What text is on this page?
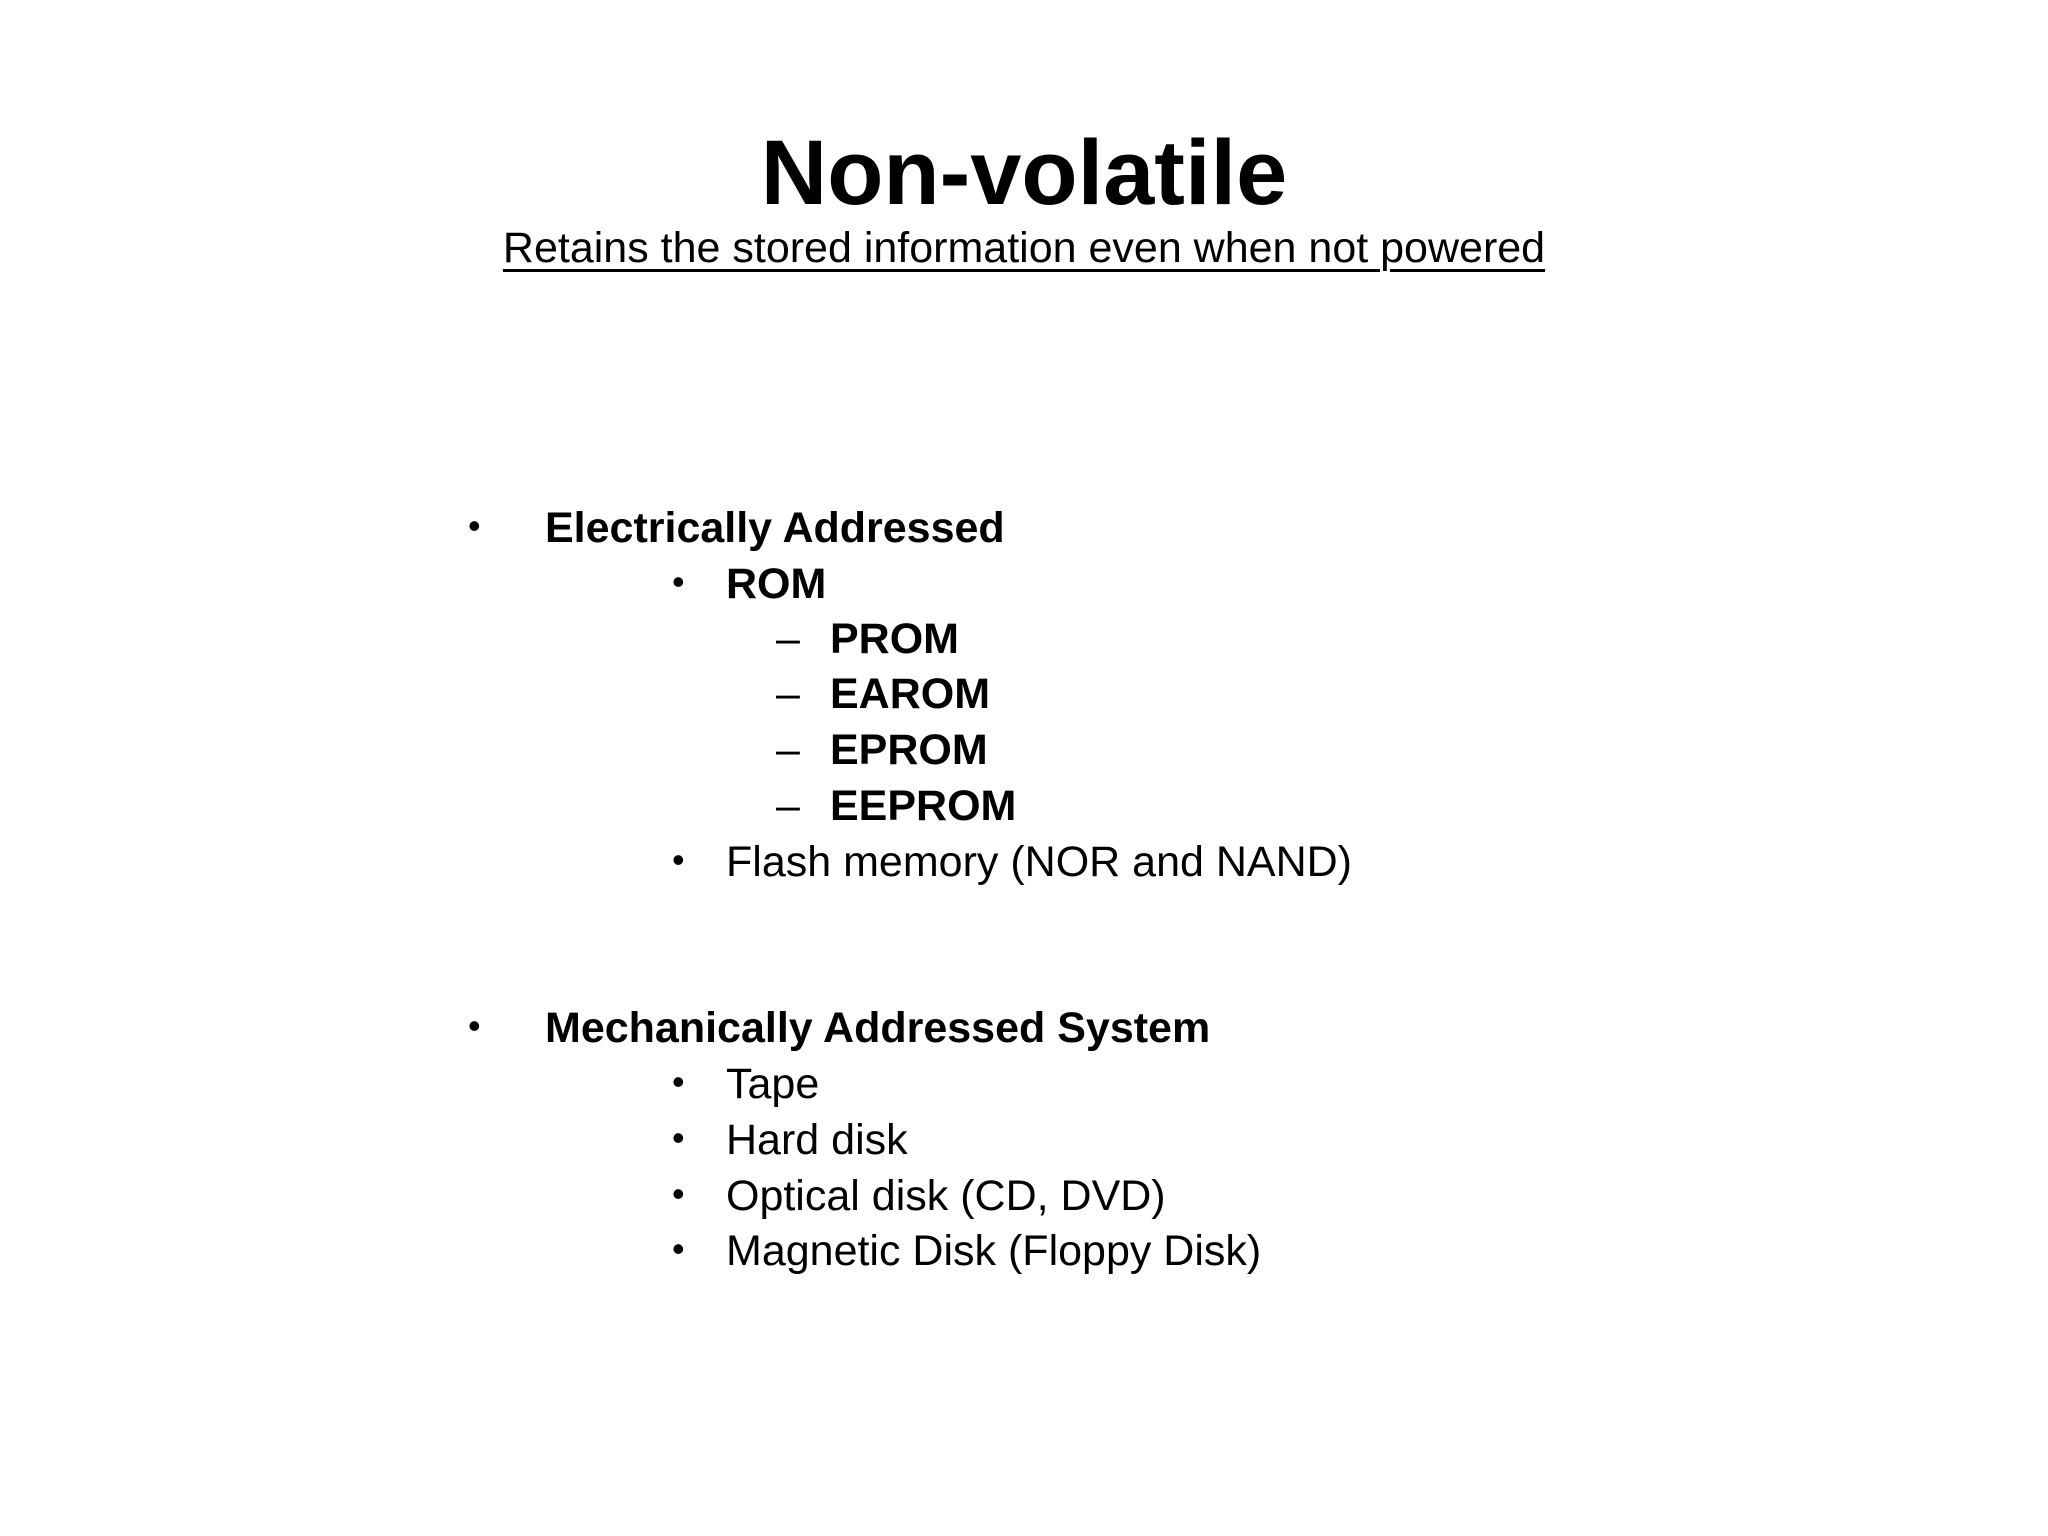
Non-volatile
Retains the stored information even when not powered
• Electrically Addressed
• ROM
– PROM
– EAROM
– EPROM
– EEPROM
• Flash memory (NOR and NAND)
• Mechanically Addressed System
• Tape
• Hard disk
• Optical disk (CD, DVD)
• Magnetic Disk (Floppy Disk)
